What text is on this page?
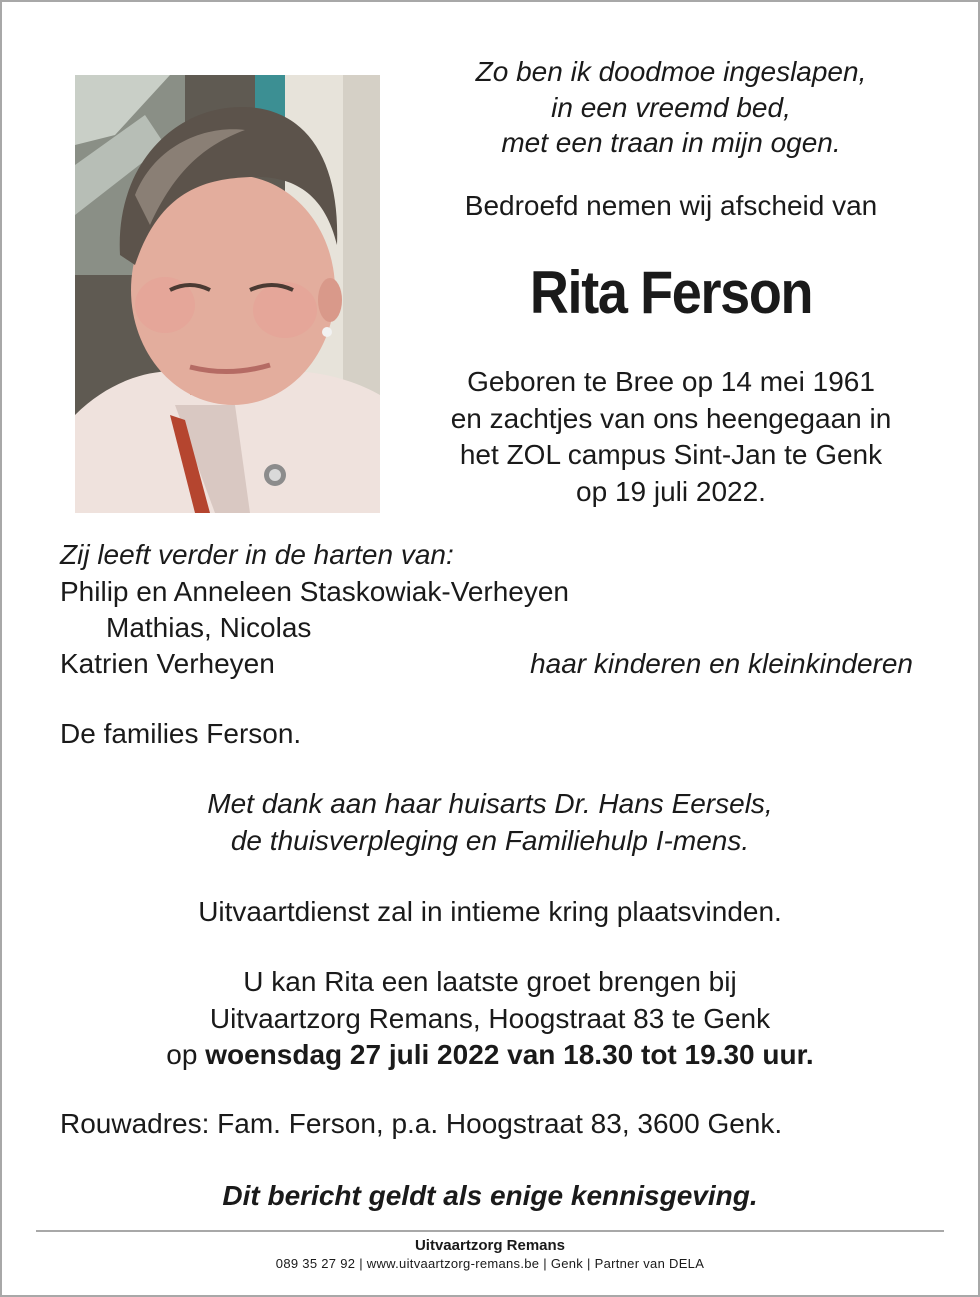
Zo ben ik doodmoe ingeslapen,
in een vreemd bed,
met een traan in mijn ogen.
Bedroefd nemen wij afscheid van
Rita Ferson
Geboren te Bree op 14 mei 1961
en zachtjes van ons heengegaan in
het ZOL campus Sint-Jan te Genk
op 19 juli 2022.
Zij leeft verder in de harten van:
Philip en Anneleen Staskowiak-Verheyen
Mathias, Nicolas
Katrien Verheyen	haar kinderen en kleinkinderen
De families Ferson.
Met dank aan haar huisarts Dr. Hans Eersels,
de thuisverpleging en Familiehulp I-mens.
Uitvaartdienst zal in intieme kring plaatsvinden.
U kan Rita een laatste groet brengen bij
Uitvaartzorg Remans, Hoogstraat 83 te Genk
op woensdag 27 juli 2022 van 18.30 tot 19.30 uur.
Rouwadres: Fam. Ferson, p.a. Hoogstraat 83, 3600 Genk.
Dit bericht geldt als enige kennisgeving.
Uitvaartzorg Remans
089 35 27 92 | www.uitvaartzorg-remans.be | Genk | Partner van DELA
